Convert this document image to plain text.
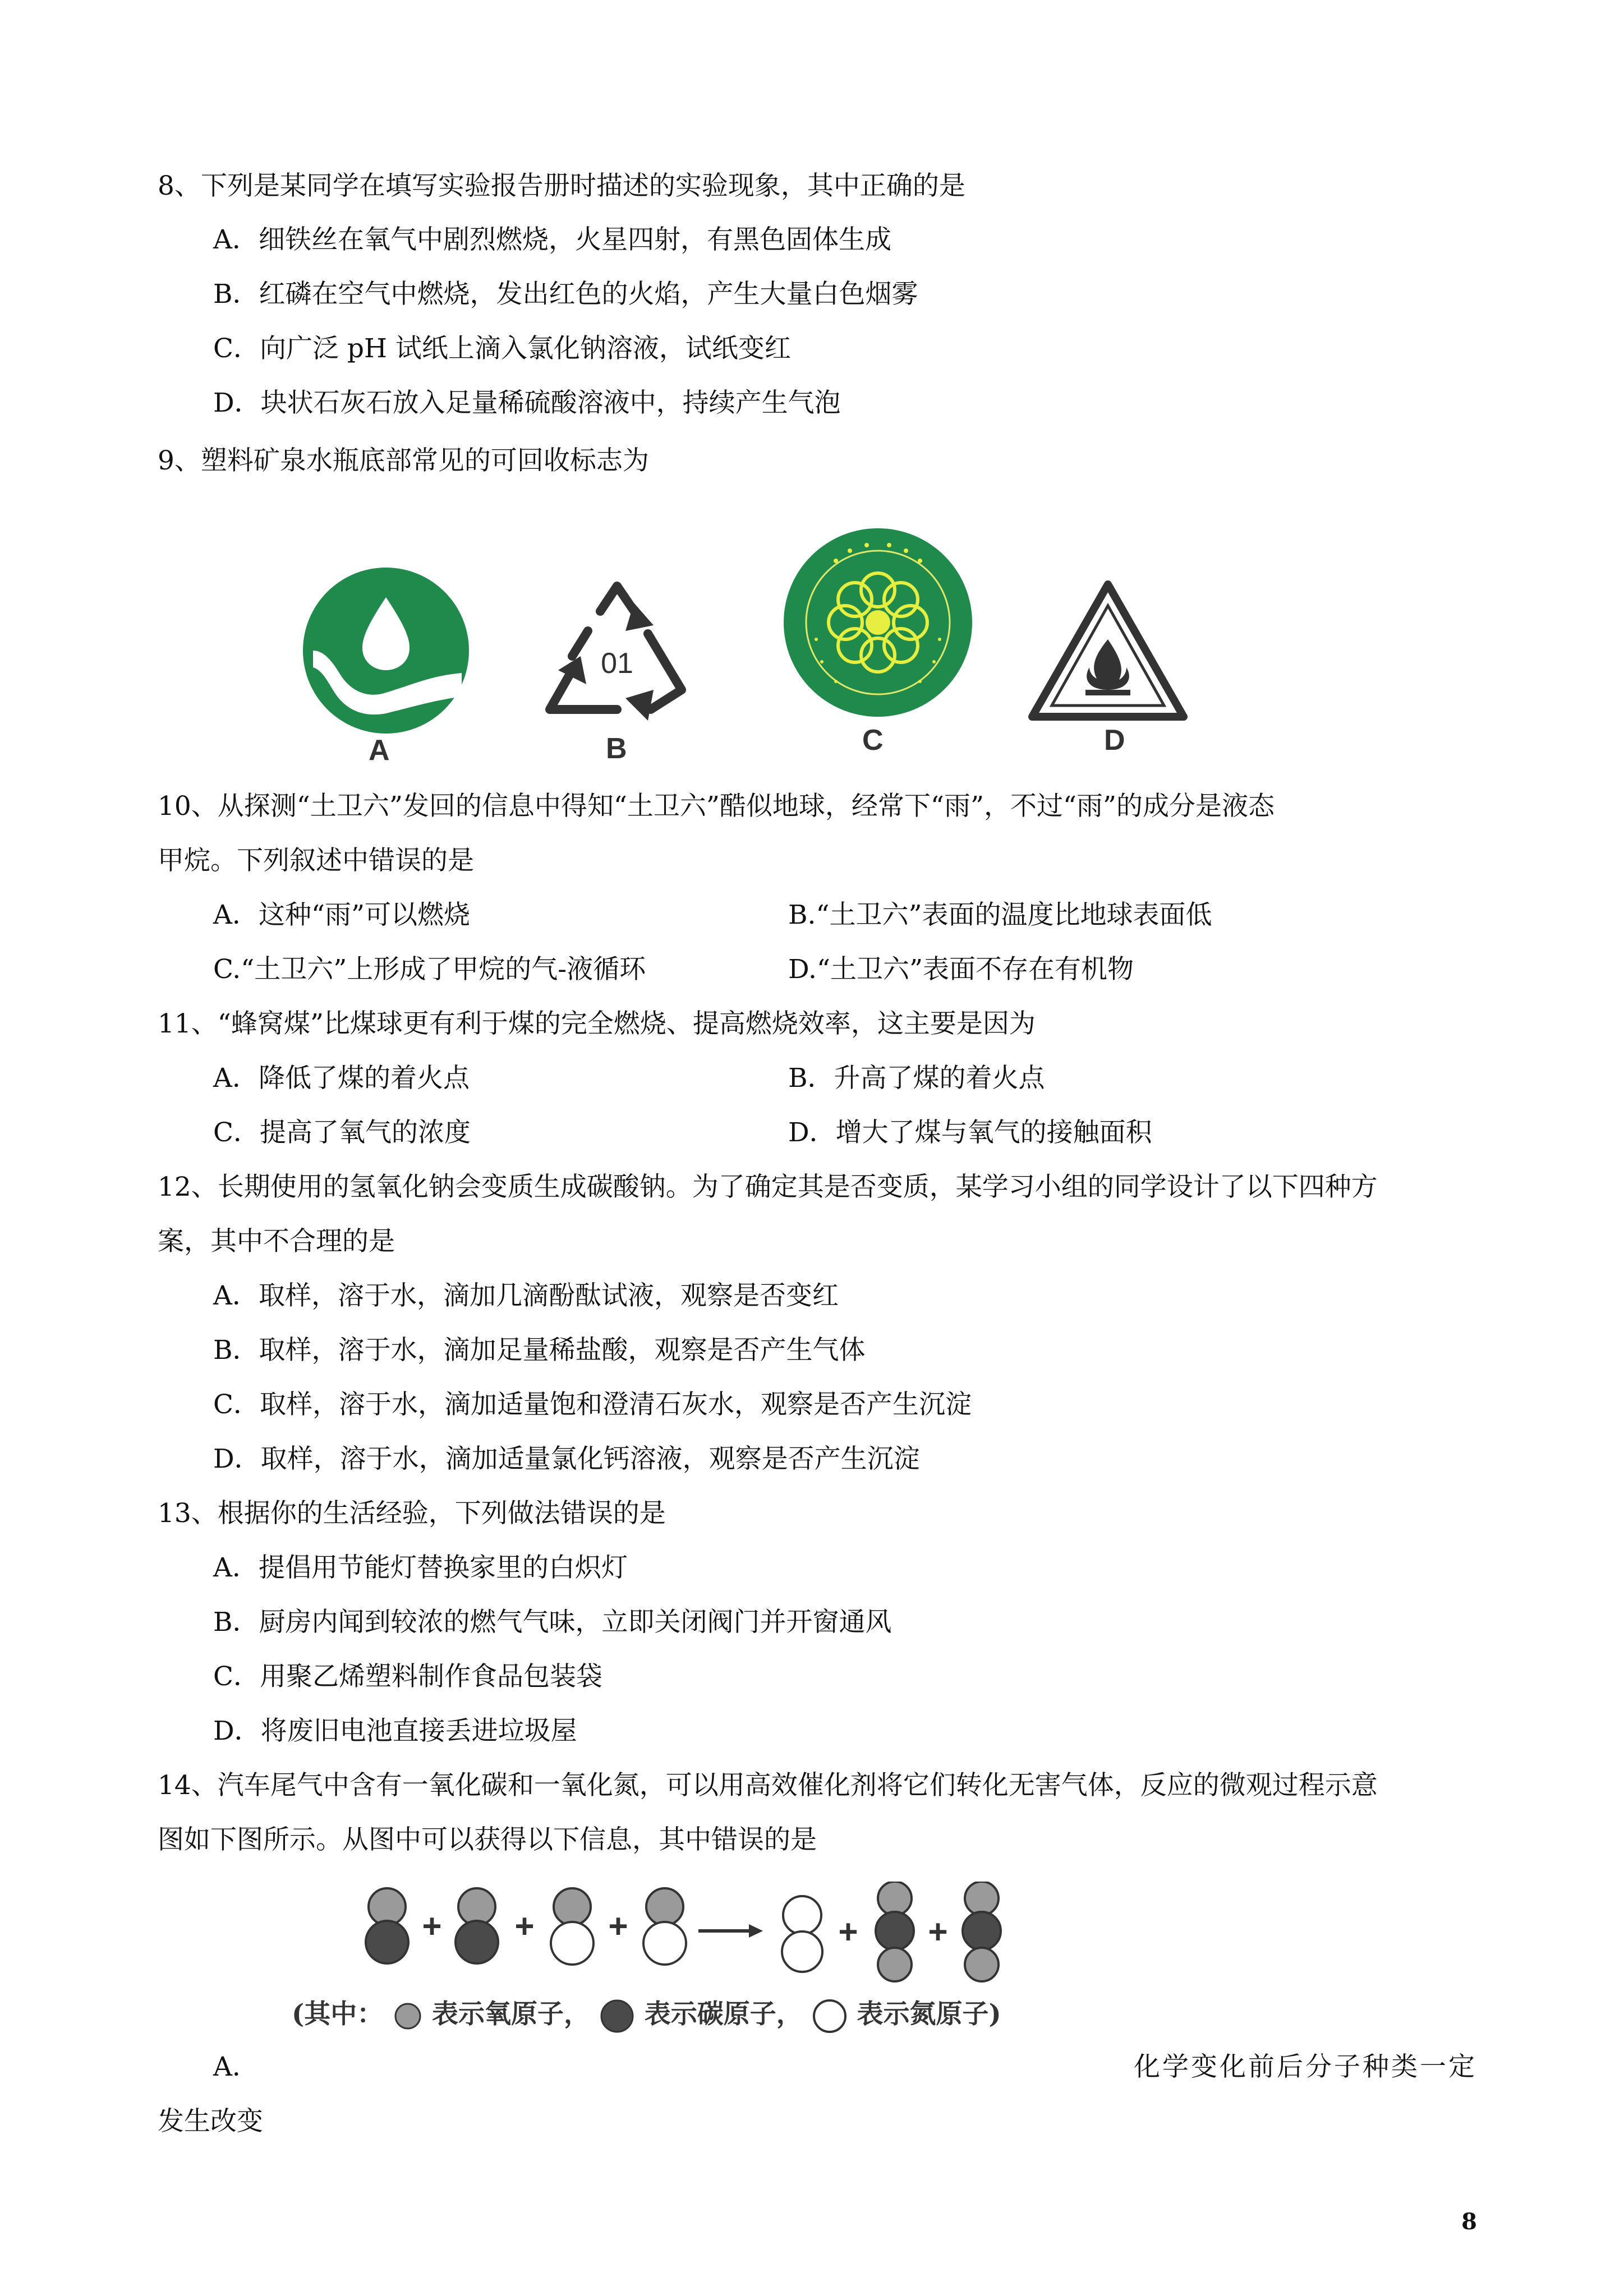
8、下列是某同学在填写实验报告册时描述的实验现象，其中正确的是
A．细铁丝在氧气中剧烈燃烧，火星四射，有黑色固体生成
B．红磷在空气中燃烧，发出红色的火焰，产生大量白色烟雾
C．向广泛 pH 试纸上滴入氯化钠溶液，试纸变红
D．块状石灰石放入足量稀硫酸溶液中，持续产生气泡
9、塑料矿泉水瓶底部常见的可回收标志为
A
01
B	C	D
10、从探测“土卫六”发回的信息中得知“土卫六”酷似地球，经常下“雨”，不过“雨”的成分是液态
甲烷。下列叙述中错误的是
A．这种“雨”可以燃烧	B.“土卫六”表面的温度比地球表面低
C.“土卫六”上形成了甲烷的气-液循环	D.“土卫六”表面不存在有机物
11、“蜂窝煤”比煤球更有利于煤的完全燃烧、提高燃烧效率，这主要是因为
A．降低了煤的着火点	B．升高了煤的着火点
C．提高了氧气的浓度	D．增大了煤与氧气的接触面积
12、长期使用的氢氧化钠会变质生成碳酸钠。为了确定其是否变质，某学习小组的同学设计了以下四种方
案，其中不合理的是
A．取样，溶于水，滴加几滴酚酞试液，观察是否变红
B．取样，溶于水，滴加足量稀盐酸，观察是否产生气体
C．取样，溶于水，滴加适量饱和澄清石灰水，观察是否产生沉淀
D．取样，溶于水，滴加适量氯化钙溶液，观察是否产生沉淀
13、根据你的生活经验，下列做法错误的是
A．提倡用节能灯替换家里的白炽灯
B．厨房内闻到较浓的燃气气味，立即关闭阀门并开窗通风
C．用聚乙烯塑料制作食品包装袋
D．将废旧电池直接丢进垃圾屋
14、汽车尾气中含有一氧化碳和一氧化氮，可以用高效催化剂将它们转化无害气体，反应的微观过程示意
图如下图所示。从图中可以获得以下信息，其中错误的是
+ + +	+ +
(其中： 表示氧原子， 表示碳原子， 表示氮原子)
A．	化学变化前后分子种类一定
发生改变
8
